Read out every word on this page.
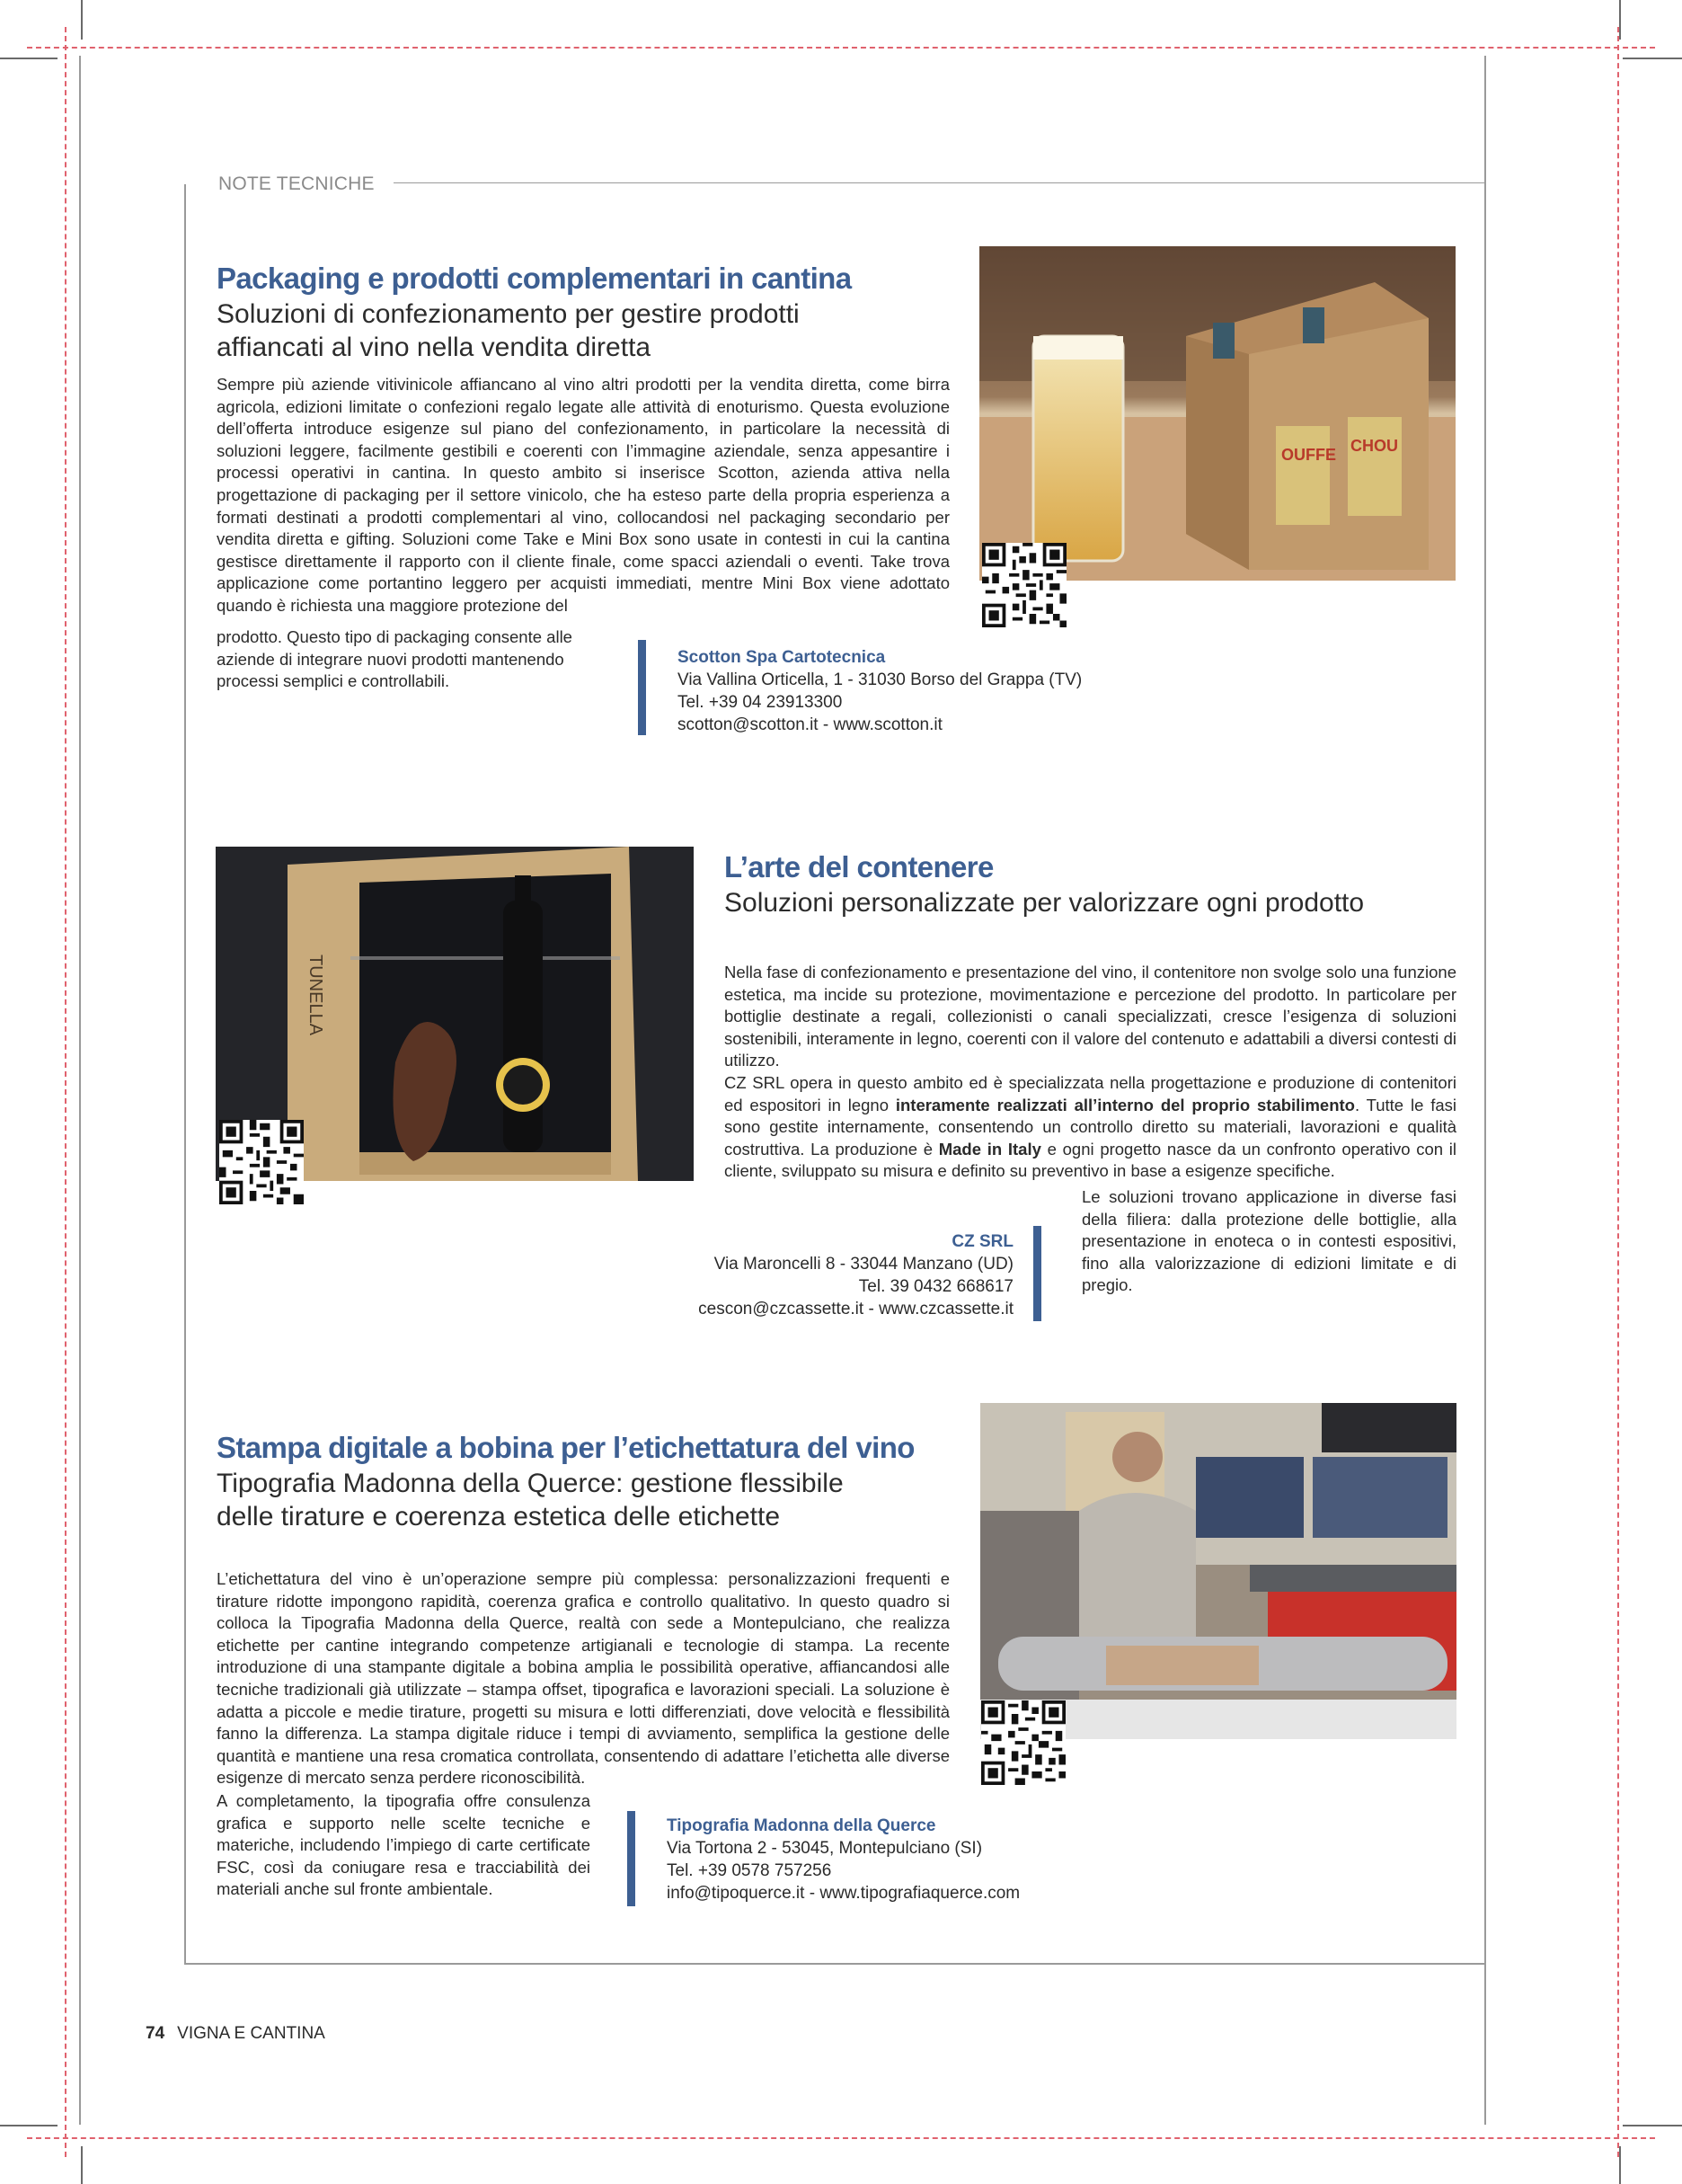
NOTE TECNICHE
Packaging e prodotti complementari in cantina
Soluzioni di confezionamento per gestire prodotti
affiancati al vino nella vendita diretta
Sempre più aziende vitivinicole affiancano al vino altri prodotti per la vendita diretta, come birra agricola, edizioni limitate o confezioni regalo legate alle attività di enoturismo. Questa evoluzione dell’offerta introduce esigenze sul piano del confezionamento, in particolare la necessità di soluzioni leggere, facilmente gestibili e coerenti con l’immagine aziendale, senza appesantire i processi operativi in cantina. In questo ambito si inserisce Scotton, azienda attiva nella progettazione di packaging per il settore vinicolo, che ha esteso parte della propria esperienza a formati destinati a prodotti complementari al vino, collocandosi nel packaging secondario per vendita diretta e gifting. Soluzioni come Take e Mini Box sono usate in contesti in cui la cantina gestisce direttamente il rapporto con il cliente finale, come spacci aziendali o eventi. Take trova applicazione come portantino leggero per acquisti immediati, mentre Mini Box viene adottato quando è richiesta una maggiore protezione del
prodotto. Questo tipo di packaging consente alle aziende di integrare nuovi prodotti mantenendo processi semplici e controllabili.
OUFFE CHOU
Scotton Spa Cartotecnica
Via Vallina Orticella, 1 - 31030 Borso del Grappa (TV)
Tel. +39 04 23913300
scotton@scotton.it - www.scotton.it
TUNELLA
L’arte del contenere
Soluzioni personalizzate per valorizzare ogni prodotto

Nella fase di confezionamento e presentazione del vino, il contenitore non svolge solo una funzione estetica, ma incide su protezione, movimentazione e percezione del prodotto. In particolare per bottiglie destinate a regali, collezionisti o canali specializzati, cresce l’esigenza di soluzioni sostenibili, interamente in legno, coerenti con il valore del contenuto e adattabili a diversi contesti di utilizzo.

CZ SRL opera in questo ambito ed è specializzata nella progettazione e produzione di contenitori ed espositori in legno interamente realizzati all’interno del proprio stabilimento. Tutte le fasi sono gestite internamente, consentendo un controllo diretto su materiali, lavorazioni e qualità costruttiva. La produzione è Made in Italy e ogni progetto nasce da un confronto operativo con il cliente, sviluppato su misura e definito su preventivo in base a esigenze specifiche.

Le soluzioni trovano applicazione in diverse fasi della filiera: dalla protezione delle bottiglie, alla presentazione in enoteca o in contesti espositivi, fino alla valorizzazione di edizioni limitate e di pregio.
CZ SRL
Via Maroncelli 8 - 33044 Manzano (UD)
Tel. 39 0432 668617
cescon@czcassette.it - www.czcassette.it
Stampa digitale a bobina per l’etichettatura del vino
Tipografia Madonna della Querce: gestione flessibile
delle tirature e coerenza estetica delle etichette
L’etichettatura del vino è un’operazione sempre più complessa: personalizzazioni frequenti e tirature ridotte impongono rapidità, coerenza grafica e controllo qualitativo. In questo quadro si colloca la Tipografia Madonna della Querce, realtà con sede a Montepulciano, che realizza etichette per cantine integrando competenze artigianali e tecnologie di stampa. La recente introduzione di una stampante digitale a bobina amplia le possibilità operative, affiancandosi alle tecniche tradizionali già utilizzate – stampa offset, tipografica e lavorazioni speciali. La soluzione è adatta a piccole e medie tirature, progetti su misura e lotti differenziati, dove velocità e flessibilità fanno la differenza. La stampa digitale riduce i tempi di avviamento, semplifica la gestione delle quantità e mantiene una resa cromatica controllata, consentendo di adattare l’etichetta alle diverse esigenze di mercato senza perdere riconoscibilità.
A completamento, la tipografia offre consulenza grafica e supporto nelle scelte tecniche e materiche, includendo l’impiego di carte certificate FSC, così da coniugare resa e tracciabilità dei materiali anche sul fronte ambientale.
Tipografia Madonna della Querce
Via Tortona 2 - 53045, Montepulciano (SI)
Tel. +39 0578 757256
info@tipoquerce.it - www.tipografiaquerce.com
74 VIGNA E CANTINA
